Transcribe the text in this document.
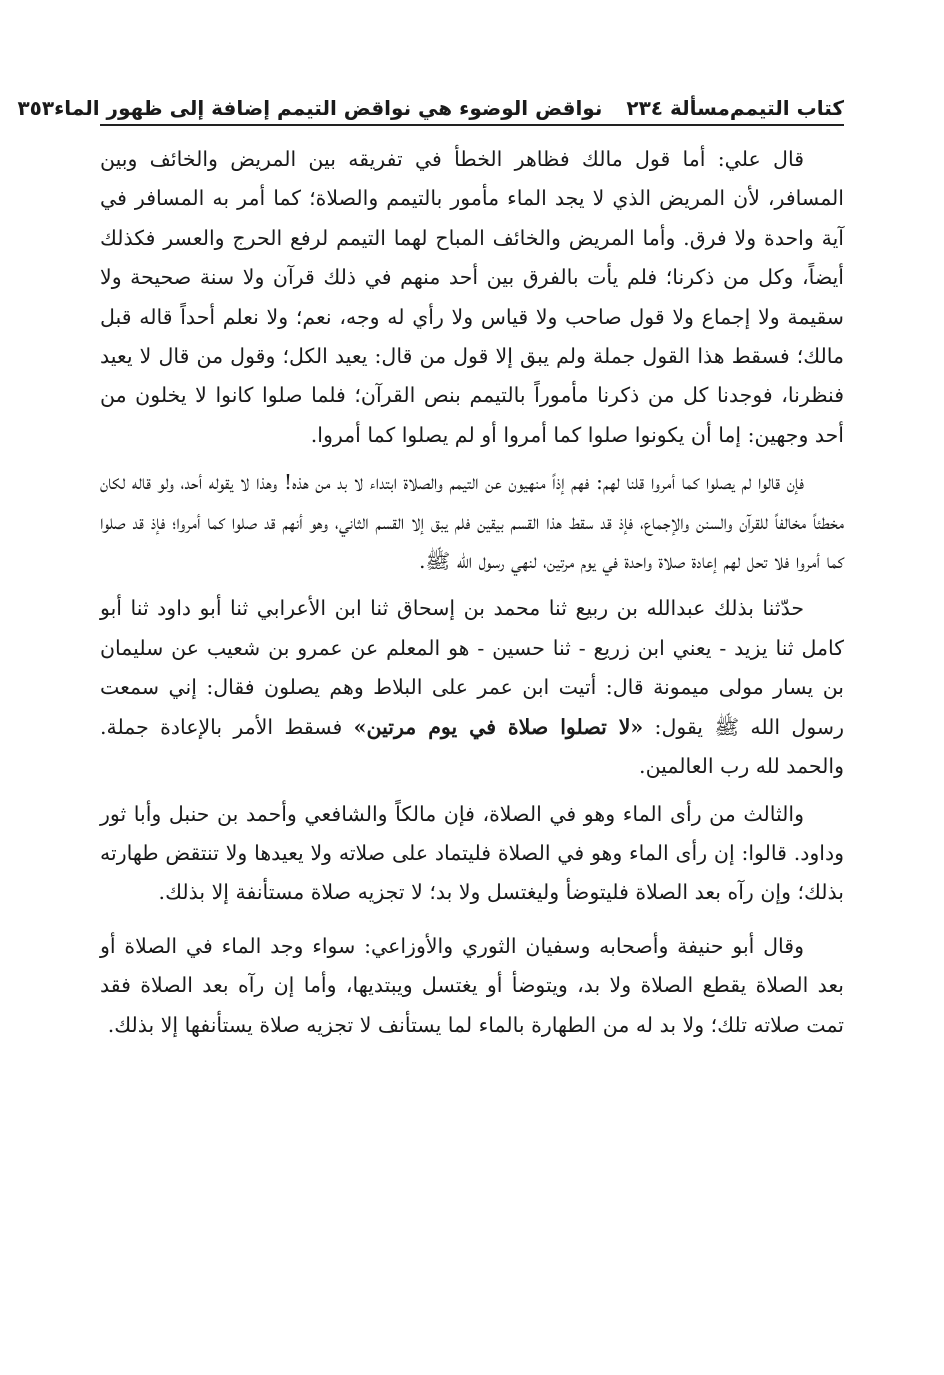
كتاب التيمم
مسألة ٢٣٤
نواقض الوضوء هي نواقض التيمم إضافة إلى ظهور الماء
٣٥٣

قال علي: أما قول مالك فظاهر الخطأ في تفريقه بين المريض والخائف وبين المسافر، لأن المريض الذي لا يجد الماء مأمور بالتيمم والصلاة؛ كما أمر به المسافر في آية واحدة ولا فرق. وأما المريض والخائف المباح لهما التيمم لرفع الحرج والعسر فكذلك أيضاً، وكل من ذكرنا؛ فلم يأت بالفرق بين أحد منهم في ذلك قرآن ولا سنة صحيحة ولا سقيمة ولا إجماع ولا قول صاحب ولا قياس ولا رأي له وجه، نعم؛ ولا نعلم أحداً قاله قبل مالك؛ فسقط هذا القول جملة ولم يبق إلا قول من قال: يعيد الكل؛ وقول من قال لا يعيد فنظرنا، فوجدنا كل من ذكرنا مأموراً بالتيمم بنص القرآن؛ فلما صلوا كانوا لا يخلون من أحد وجهين: إما أن يكونوا صلوا كما أمروا أو لم يصلوا كما أمروا.

فإن قالوا لم يصلوا كما أمروا قلنا لهم: فهم إذاً منهيون عن التيمم والصلاة ابتداء لا بد من هذه! وهذا لا يقوله أحد، ولو قاله لكان مخطئاً مخالفاً للقرآن والسنن والإجماع، فإذ قد سقط هذا القسم بيقين فلم يبق إلا القسم الثاني، وهو أنهم قد صلوا كما أمروا؛ فإذ قد صلوا كما أمروا فلا تحل لهم إعادة صلاة واحدة في يوم مرتين، لنهي رسول الله ﷺ.

حدّثنا بذلك عبدالله بن ربيع ثنا محمد بن إسحاق ثنا ابن الأعرابي ثنا أبو داود ثنا أبو كامل ثنا يزيد - يعني ابن زريع - ثنا حسين - هو المعلم عن عمرو بن شعيب عن سليمان بن يسار مولى ميمونة قال: أتيت ابن عمر على البلاط وهم يصلون فقال: إني سمعت رسول الله ﷺ يقول: «لا تصلوا صلاة في يوم مرتين» فسقط الأمر بالإعادة جملة. والحمد لله رب العالمين.

والثالث من رأى الماء وهو في الصلاة، فإن مالكاً والشافعي وأحمد بن حنبل وأبا ثور وداود. قالوا: إن رأى الماء وهو في الصلاة فليتماد على صلاته ولا يعيدها ولا تنتقض طهارته بذلك؛ وإن رآه بعد الصلاة فليتوضأ وليغتسل ولا بد؛ لا تجزيه صلاة مستأنفة إلا بذلك.

وقال أبو حنيفة وأصحابه وسفيان الثوري والأوزاعي: سواء وجد الماء في الصلاة أو بعد الصلاة يقطع الصلاة ولا بد، ويتوضأ أو يغتسل ويبتديها، وأما إن رآه بعد الصلاة فقد تمت صلاته تلك؛ ولا بد له من الطهارة بالماء لما يستأنف لا تجزيه صلاة يستأنفها إلا بذلك.
